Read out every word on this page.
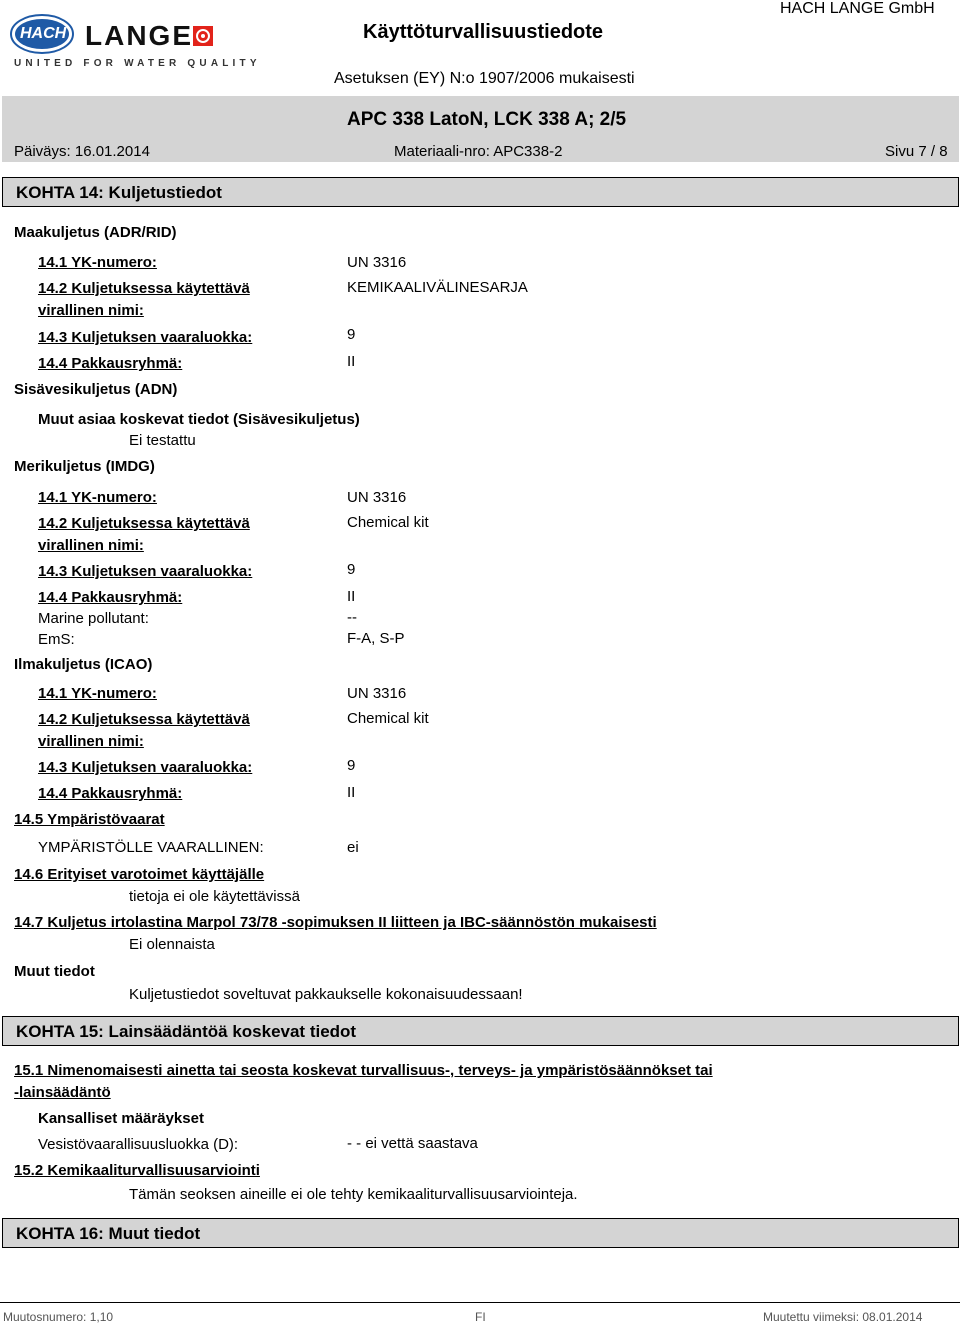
HACH LANGE
UNITED FOR WATER QUALITY
Käyttöturvallisuustiedote
HACH LANGE GmbH
Asetuksen (EY) N:o 1907/2006 mukaisesti
APC 338 LatoN, LCK 338 A; 2/5
Päiväys: 16.01.2014	Materiaali-nro: APC338-2	Sivu 7 / 8
KOHTA 14: Kuljetustiedot
Maakuljetus (ADR/RID)
14.1 YK-numero:	UN 3316
14.2 Kuljetuksessa käytettävä
virallinen nimi:
KEMIKAALIVÄLINESARJA
14.3 Kuljetuksen vaaraluokka:	9
14.4 Pakkausryhmä:	II
Sisävesikuljetus (ADN)
Muut asiaa koskevat tiedot (Sisävesikuljetus)
Ei testattu
Merikuljetus (IMDG)
14.1 YK-numero:	UN 3316
14.2 Kuljetuksessa käytettävä
virallinen nimi:
Chemical kit
14.3 Kuljetuksen vaaraluokka:	9
14.4 Pakkausryhmä:	II
Marine pollutant:	--
EmS:	F-A, S-P
Ilmakuljetus (ICAO)
14.1 YK-numero:	UN 3316
14.2 Kuljetuksessa käytettävä
virallinen nimi:
Chemical kit
14.3 Kuljetuksen vaaraluokka:	9
14.4 Pakkausryhmä:	II
14.5 Ympäristövaarat
YMPÄRISTÖLLE VAARALLINEN:	ei
14.6 Erityiset varotoimet käyttäjälle
tietoja ei ole käytettävissä
14.7 Kuljetus irtolastina Marpol 73/78 -sopimuksen II liitteen ja IBC-säännöstön mukaisesti
Ei olennaista
Muut tiedot
Kuljetustiedot soveltuvat pakkaukselle kokonaisuudessaan!
KOHTA 15: Lainsäädäntöä koskevat tiedot
15.1 Nimenomaisesti ainetta tai seosta koskevat turvallisuus-, terveys- ja ympäristösäännökset tai
-lainsäädäntö
Kansalliset määräykset
Vesistövaarallisuusluokka (D):	- - ei vettä saastava
15.2 Kemikaaliturvallisuusarviointi
Tämän seoksen aineille ei ole tehty kemikaaliturvallisuusarviointeja.
KOHTA 16: Muut tiedot
Muutosnumero: 1,10	FI	Muutettu viimeksi: 08.01.2014
